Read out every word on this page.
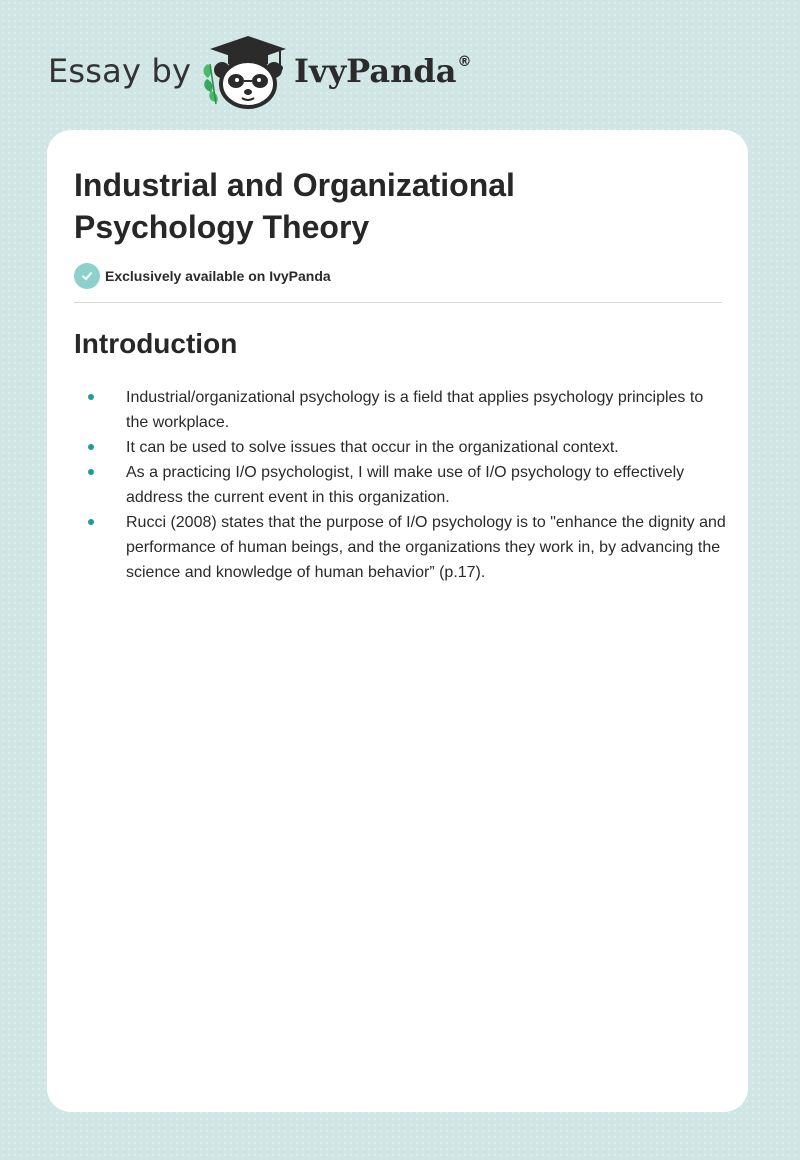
Essay by	IvyPanda®
Industrial and Organizational Psychology Theory
Exclusively available on IvyPanda
Introduction
Industrial/organizational psychology is a field that applies psychology principles to the workplace.
It can be used to solve issues that occur in the organizational context.
As a practicing I/O psychologist, I will make use of I/O psychology to effectively address the current event in this organization.
Rucci (2008) states that the purpose of I/O psychology is to "enhance the dignity and performance of human beings, and the organizations they work in, by advancing the science and knowledge of human behavior” (p.17).
